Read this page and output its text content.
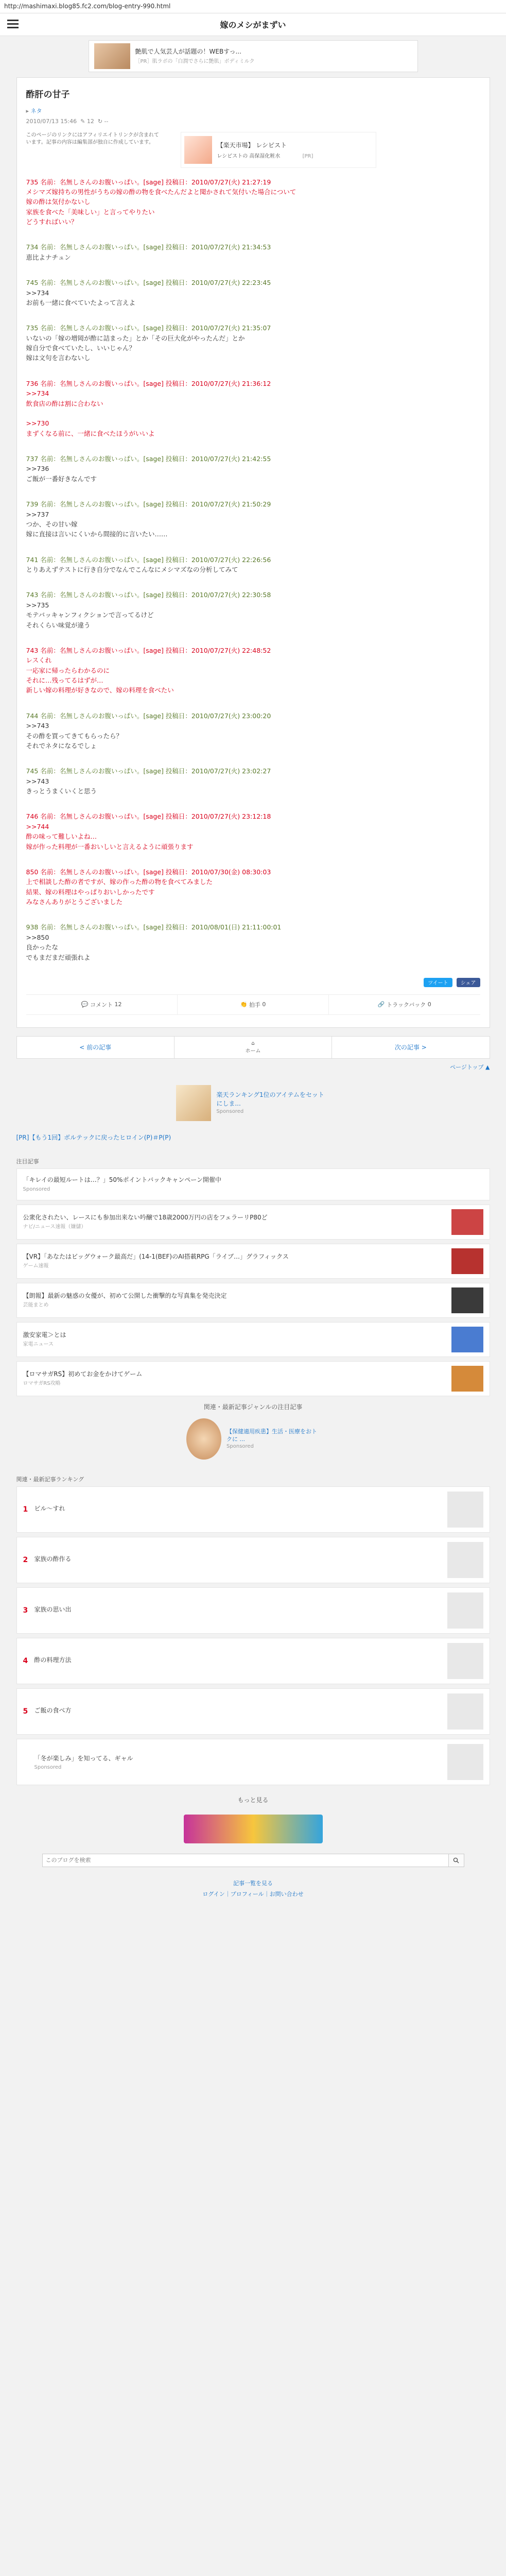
http://mashimaxi.blog85.fc2.com/blog-entry-990.html
嫁のメシがまずい
艶肌で人気芸人が話題の！WEBすっ...
［PR］肌ラボの「白潤でさらに艶肌」ボディミルク
酢肝の甘子
▸ ネタ
2010/07/13 15:46 ✎ 12 ↻ --
このページのリンクにはアフィリエイトリンクが含まれています。記事の内容は編集部が独自に作成しています。	【楽天市場】 レシピスト
レシピストの 高保湿化粧水	[PR]
735 名前：名無しさんのお腹いっぱい。[sage] 投稿日：2010/07/27(火) 21:27:19
メシマズ嫁持ちの男性がうちの嫁の酢の物を食べたんだよと聞かされて気付いた場合について
嫁の酢は気付かないし
家族を食べた「美味しい」と言ってやりたい
どうすればいい？
734 名前：名無しさんのお腹いっぱい。[sage] 投稿日：2010/07/27(火) 21:34:53
恵比よナチュン
745 名前：名無しさんのお腹いっぱい。[sage] 投稿日：2010/07/27(火) 22:23:45
>>734
お前も一緒に食べていたよって言えよ
735 名前：名無しさんのお腹いっぱい。[sage] 投稿日：2010/07/27(火) 21:35:07
いないの「嫁の増岡が酢に詰まった」とか「その巨大化がやったんだ」とか
嫁自分で食べていたし、いいじゃん？
嫁は文句を言わないし
736 名前：名無しさんのお腹いっぱい。[sage] 投稿日：2010/07/27(火) 21:36:12
>>734
飲食店の酢は割に合わない

>>730
まずくなる前に、一緒に食べたほうがいいよ
737 名前：名無しさんのお腹いっぱい。[sage] 投稿日：2010/07/27(火) 21:42:55
>>736
ご飯が一番好きなんです
739 名前：名無しさんのお腹いっぱい。[sage] 投稿日：2010/07/27(火) 21:50:29
>>737
つか、その甘い嫁
嫁に直接は言いにくいから間接的に言いたい……
741 名前：名無しさんのお腹いっぱい。[sage] 投稿日：2010/07/27(火) 22:26:56
とりあえずテストに行き自分でなんでこんなにメシマズなの分析してみて
743 名前：名無しさんのお腹いっぱい。[sage] 投稿日：2010/07/27(火) 22:30:58
>>735
モテバッキャンフィクションで言ってるけど
それくらい味覚が違う
743 名前：名無しさんのお腹いっぱい。[sage] 投稿日：2010/07/27(火) 22:48:52
レスくれ
一応家に帰ったらわかるのに
それに…残ってるはずが…
新しい嫁の料理が好きなので、嫁の料理を食べたい
744 名前：名無しさんのお腹いっぱい。[sage] 投稿日：2010/07/27(火) 23:00:20
>>743
その酢を買ってきてもらったら？
それでネタになるでしょ
745 名前：名無しさんのお腹いっぱい。[sage] 投稿日：2010/07/27(火) 23:02:27
>>743
きっとうまくいくと思う
746 名前：名無しさんのお腹いっぱい。[sage] 投稿日：2010/07/27(火) 23:12:18
>>744
酢の味って難しいよね…
嫁が作った料理が一番おいしいと言えるように頑張ります
850 名前：名無しさんのお腹いっぱい。[sage] 投稿日：2010/07/30(金) 08:30:03
上で相談した酢の者ですが、嫁の作った酢の物を食べてみました
結果、嫁の料理はやっぱりおいしかったです
みなさんありがとうございました
938 名前：名無しさんのお腹いっぱい。[sage] 投稿日：2010/08/01(日) 21:11:00:01
>>850
良かったな
でもまだまだ頑張れよ
ツイート	シェア
💬 コメント
12	👏 拍手
0	🔗 トラックバック
0
< 前の記事
⌂
ホーム	次の記事 >
ページトップ ▲
楽天ランキング1位のアイテムをセットにしま...
Sponsored
[PR]【もう1回】ボルテックに戻ったヒロイン(P)＃P(P)
注目記事
「キレイの最短ルートは…？」50%ポイントバックキャンペーン開催中
Sponsored
公衆化されたい、レースにも参加出来ない吟醸で18歳2000万円の店をフェラーリP80ど
ナビ/ニュース速報（嫌儲）
【VR】「あなたはビッグウォーク最高だ」(14-1(BEF)のAI搭載RPG「ライブ…」グラフィックス
ゲーム速報
【朗報】最新の魅惑の女優が、初めて公開した衝撃的な写真集を発売決定
芸能まとめ
激安家電＞とは
家電ニュース
【ロマサガRS】初めてお金をかけてゲーム
ロマサガRS攻略
関連・最新記事ジャンルの注目記事
【保健適用疾患】生活・医療をおトクに ...
Sponsored
関連・最新記事ランキング
1	ビル〜すれ
2	家族の酢作る
3	家族の思い出
4	酢の料理方法
5	ご飯の食べ方
「冬が楽しみ」を知ってる、ギャル
Sponsored
もっと見る
このブログを検索
記事一覧を見る
ログイン｜プロフィール｜お問い合わせ
